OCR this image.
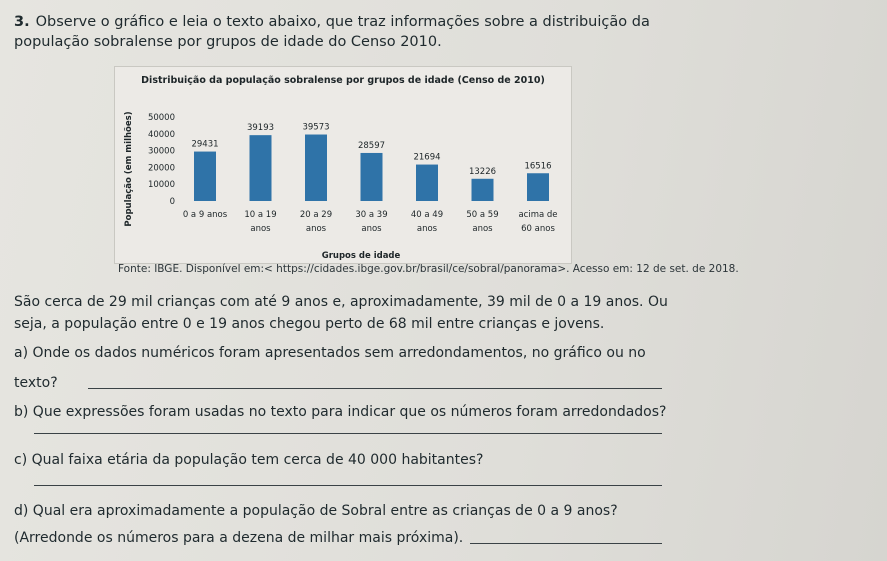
3. Observe o gráfico e leia o texto abaixo, que traz informações sobre a distribuição da
população sobralense por grupos de idade do Censo 2010.
Distribuição da população sobralense por grupos de idade (Censo de 2010)
0
10000
20000
30000
40000
50000
População (em milhões)	29431
0 a 9 anos
39193
10 a 19
anos
39573
20 a 29
anos
28597
30 a 39
anos
21694
40 a 49
anos
13226
50 a 59
anos
16516
acima de
60 anos
Grupos de idade
Fonte: IBGE. Disponível em:< https://cidades.ibge.gov.br/brasil/ce/sobral/panorama>. Acesso em: 12 de set. de 2018.
São cerca de 29 mil crianças com até 9 anos e, aproximadamente, 39 mil de 0 a 19 anos. Ou
seja, a população entre 0 e 19 anos chegou perto de 68 mil entre crianças e jovens.
a) Onde os dados numéricos foram apresentados sem arredondamentos, no gráfico ou no
texto?
b) Que expressões foram usadas no texto para indicar que os números foram arredondados?
c) Qual faixa etária da população tem cerca de 40 000 habitantes?
d) Qual era aproximadamente a população de Sobral entre as crianças de 0 a 9 anos?
(Arredonde os números para a dezena de milhar mais próxima).
